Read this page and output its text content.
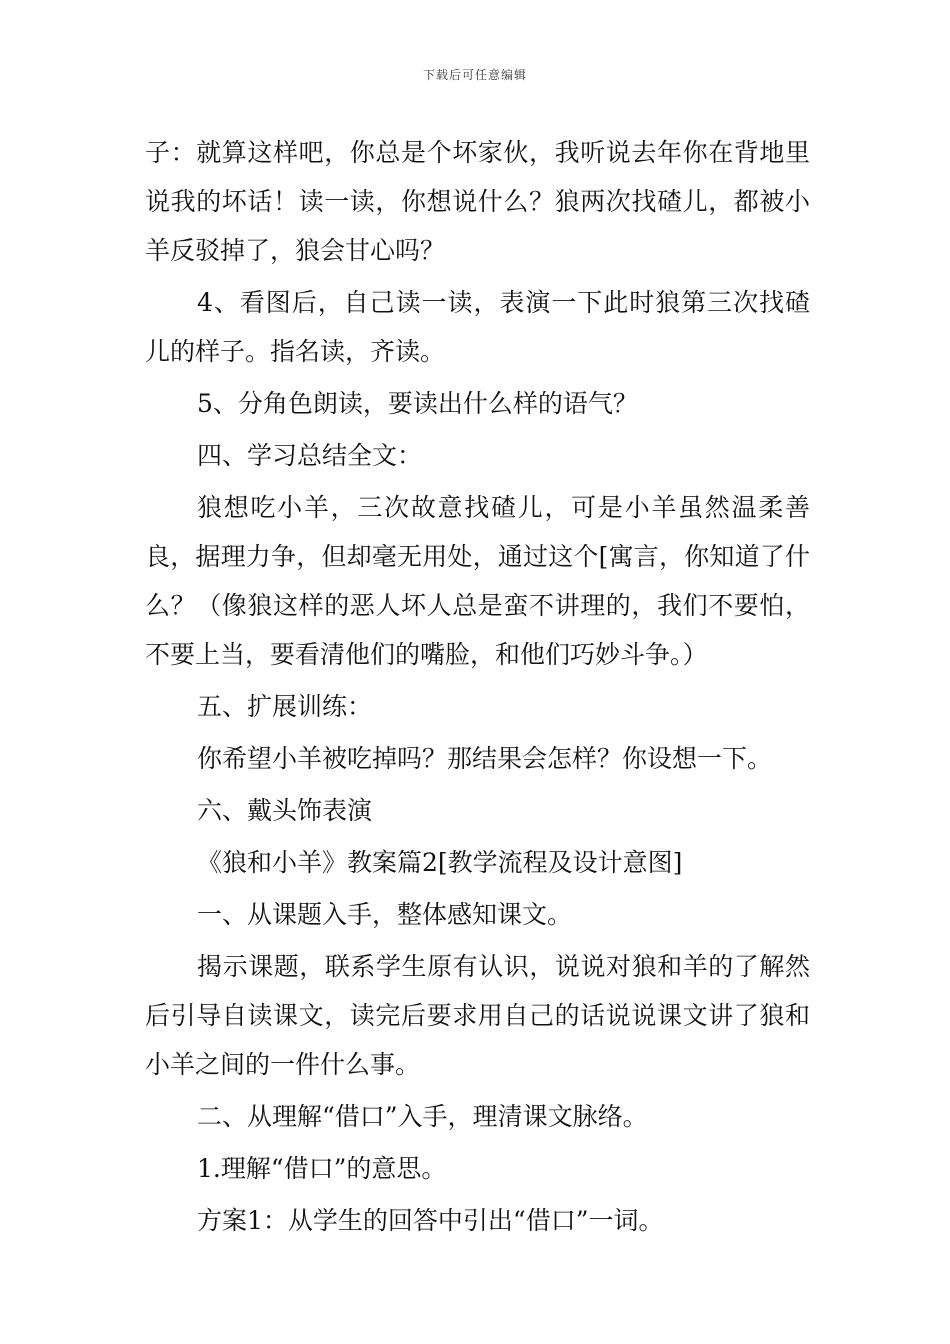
下载后可任意编辑

子：就算这样吧，你总是个坏家伙，我听说去年你在背地里说我的坏话！读一读，你想说什么？狼两次找碴儿，都被小羊反驳掉了，狼会甘心吗？

4、看图后，自己读一读，表演一下此时狼第三次找碴儿的样子。指名读，齐读。

5、分角色朗读，要读出什么样的语气？

四、学习总结全文：

狼想吃小羊，三次故意找碴儿，可是小羊虽然温柔善良，据理力争，但却毫无用处，通过这个[寓言，你知道了什么？（像狼这样的恶人坏人总是蛮不讲理的，我们不要怕，不要上当，要看清他们的嘴脸，和他们巧妙斗争。）

五、扩展训练：

你希望小羊被吃掉吗？那结果会怎样？你设想一下。

六、戴头饰表演

《狼和小羊》教案篇2[教学流程及设计意图]

一、从课题入手，整体感知课文。

揭示课题，联系学生原有认识，说说对狼和羊的了解然后引导自读课文，读完后要求用自己的话说说课文讲了狼和小羊之间的一件什么事。

二、从理解“借口”入手，理清课文脉络。

1.理解“借口”的意思。

方案1：从学生的回答中引出“借口”一词。
